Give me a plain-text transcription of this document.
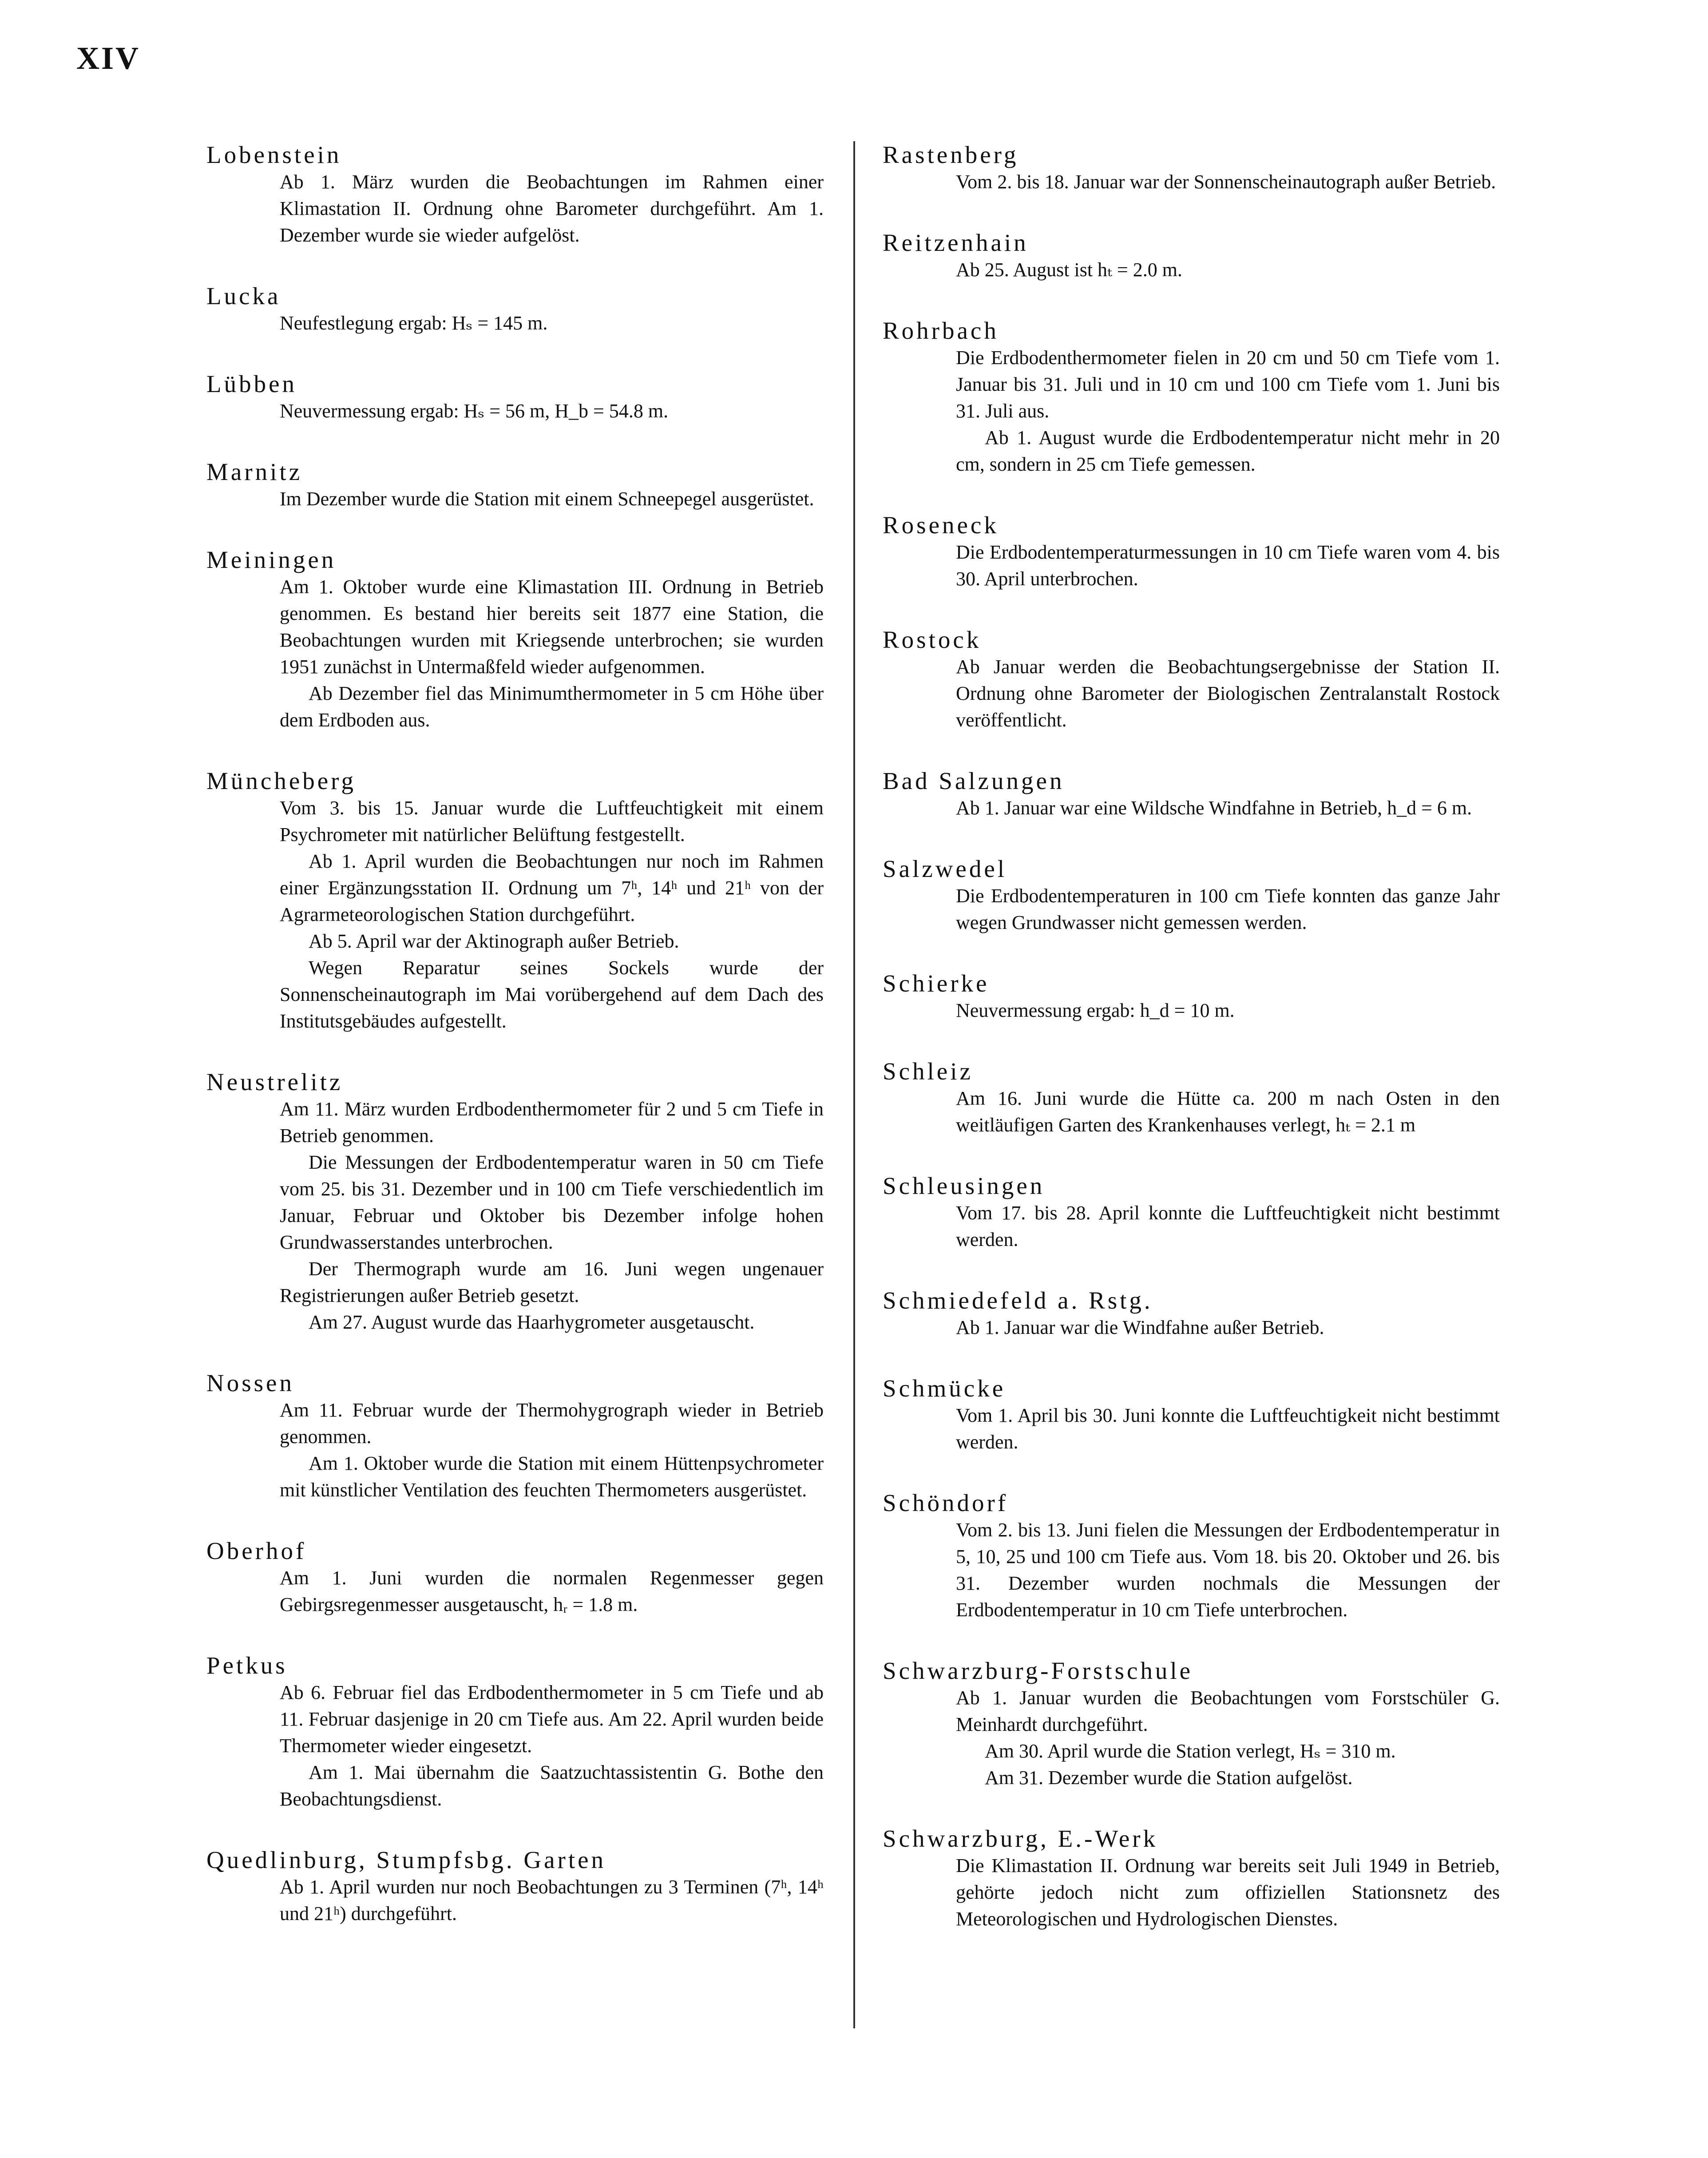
XIV
Lobenstein

Ab 1. März wurden die Beobachtungen im Rahmen einer Klimastation II. Ordnung ohne Barometer durchgeführt. Am 1. Dezember wurde sie wieder aufgelöst.

Lucka

Neufestlegung ergab: Hₛ = 145 m.

Lübben

Neuvermessung ergab: Hₛ = 56 m, H_b = 54.8 m.

Marnitz

Im Dezember wurde die Station mit einem Schneepegel ausgerüstet.

Meiningen

Am 1. Oktober wurde eine Klimastation III. Ordnung in Betrieb genommen. Es bestand hier bereits seit 1877 eine Station, die Beobachtungen wurden mit Kriegsende unterbrochen; sie wurden 1951 zunächst in Untermaßfeld wieder aufgenommen.

Ab Dezember fiel das Minimumthermometer in 5 cm Höhe über dem Erdboden aus.

Müncheberg

Vom 3. bis 15. Januar wurde die Luftfeuchtigkeit mit einem Psychrometer mit natürlicher Belüftung festgestellt.

Ab 1. April wurden die Beobachtungen nur noch im Rahmen einer Ergänzungsstation II. Ordnung um 7ʰ, 14ʰ und 21ʰ von der Agrarmeteorologischen Station durchgeführt.

Ab 5. April war der Aktinograph außer Betrieb.

Wegen Reparatur seines Sockels wurde der Sonnenscheinautograph im Mai vorübergehend auf dem Dach des Institutsgebäudes aufgestellt.

Neustrelitz

Am 11. März wurden Erdbodenthermometer für 2 und 5 cm Tiefe in Betrieb genommen.

Die Messungen der Erdbodentemperatur waren in 50 cm Tiefe vom 25. bis 31. Dezember und in 100 cm Tiefe verschiedentlich im Januar, Februar und Oktober bis Dezember infolge hohen Grundwasserstandes unterbrochen.

Der Thermograph wurde am 16. Juni wegen ungenauer Registrierungen außer Betrieb gesetzt.

Am 27. August wurde das Haarhygrometer ausgetauscht.

Nossen

Am 11. Februar wurde der Thermohygrograph wieder in Betrieb genommen.

Am 1. Oktober wurde die Station mit einem Hüttenpsychrometer mit künstlicher Ventilation des feuchten Thermometers ausgerüstet.

Oberhof

Am 1. Juni wurden die normalen Regenmesser gegen Gebirgsregenmesser ausgetauscht, hᵣ = 1.8 m.

Petkus

Ab 6. Februar fiel das Erdbodenthermometer in 5 cm Tiefe und ab 11. Februar dasjenige in 20 cm Tiefe aus. Am 22. April wurden beide Thermometer wieder eingesetzt.

Am 1. Mai übernahm die Saatzuchtassistentin G. Bothe den Beobachtungsdienst.

Quedlinburg, Stumpfsbg. Garten

Ab 1. April wurden nur noch Beobachtungen zu 3 Terminen (7ʰ, 14ʰ und 21ʰ) durchgeführt.

Rastenberg

Vom 2. bis 18. Januar war der Sonnenscheinautograph außer Betrieb.

Reitzenhain

Ab 25. August ist hₜ = 2.0 m.

Rohrbach

Die Erdbodenthermometer fielen in 20 cm und 50 cm Tiefe vom 1. Januar bis 31. Juli und in 10 cm und 100 cm Tiefe vom 1. Juni bis 31. Juli aus.

Ab 1. August wurde die Erdbodentemperatur nicht mehr in 20 cm, sondern in 25 cm Tiefe gemessen.

Roseneck

Die Erdbodentemperaturmessungen in 10 cm Tiefe waren vom 4. bis 30. April unterbrochen.

Rostock

Ab Januar werden die Beobachtungsergebnisse der Station II. Ordnung ohne Barometer der Biologischen Zentralanstalt Rostock veröffentlicht.

Bad Salzungen

Ab 1. Januar war eine Wildsche Windfahne in Betrieb, h_d = 6 m.

Salzwedel

Die Erdbodentemperaturen in 100 cm Tiefe konnten das ganze Jahr wegen Grundwasser nicht gemessen werden.

Schierke

Neuvermessung ergab: h_d = 10 m.

Schleiz

Am 16. Juni wurde die Hütte ca. 200 m nach Osten in den weitläufigen Garten des Krankenhauses verlegt, hₜ = 2.1 m

Schleusingen

Vom 17. bis 28. April konnte die Luftfeuchtigkeit nicht bestimmt werden.

Schmiedefeld a. Rstg.

Ab 1. Januar war die Windfahne außer Betrieb.

Schmücke

Vom 1. April bis 30. Juni konnte die Luftfeuchtigkeit nicht bestimmt werden.

Schöndorf

Vom 2. bis 13. Juni fielen die Messungen der Erdbodentemperatur in 5, 10, 25 und 100 cm Tiefe aus. Vom 18. bis 20. Oktober und 26. bis 31. Dezember wurden nochmals die Messungen der Erdbodentemperatur in 10 cm Tiefe unterbrochen.

Schwarzburg-Forstschule

Ab 1. Januar wurden die Beobachtungen vom Forstschüler G. Meinhardt durchgeführt.

Am 30. April wurde die Station verlegt, Hₛ = 310 m.

Am 31. Dezember wurde die Station aufgelöst.

Schwarzburg, E.-Werk

Die Klimastation II. Ordnung war bereits seit Juli 1949 in Betrieb, gehörte jedoch nicht zum offiziellen Stationsnetz des Meteorologischen und Hydrologischen Dienstes.
